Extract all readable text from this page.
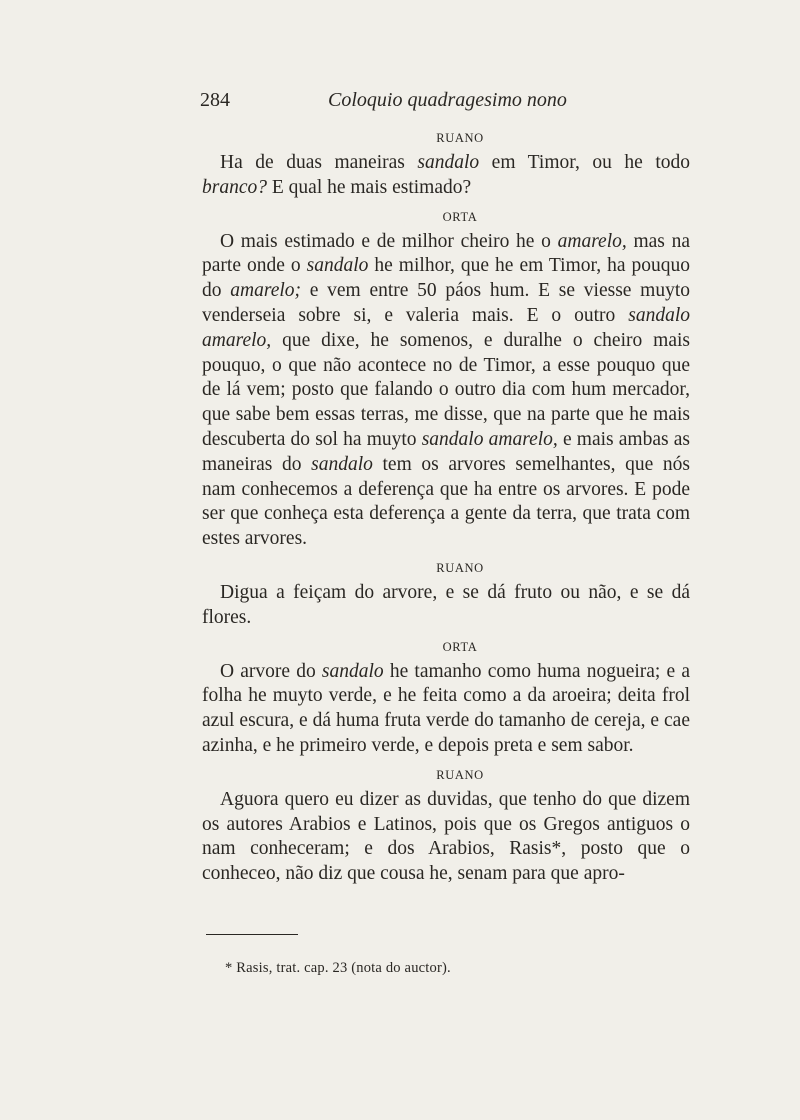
284	Coloquio quadragesimo nono
RUANO

Ha de duas maneiras sandalo em Timor, ou he todo branco? E qual he mais estimado?

ORTA

O mais estimado e de milhor cheiro he o amarelo, mas na parte onde o sandalo he milhor, que he em Timor, ha pouquo do amarelo; e vem entre 50 páos hum. E se viesse muyto venderseia sobre si, e valeria mais. E o outro sandalo amarelo, que dixe, he somenos, e duralhe o cheiro mais pouquo, o que não acontece no de Timor, a esse pouquo que de lá vem; posto que falando o outro dia com hum mercador, que sabe bem essas terras, me disse, que na parte que he mais descuberta do sol ha muyto sandalo amarelo, e mais ambas as maneiras do sandalo tem os arvores semelhantes, que nós nam conhecemos a deferença que ha entre os arvores. E pode ser que conheça esta deferença a gente da terra, que trata com estes arvores.

RUANO

Digua a feiçam do arvore, e se dá fruto ou não, e se dá flores.

ORTA

O arvore do sandalo he tamanho como huma nogueira; e a folha he muyto verde, e he feita como a da aroeira; deita frol azul escura, e dá huma fruta verde do tamanho de cereja, e cae azinha, e he primeiro verde, e depois preta e sem sabor.

RUANO

Aguora quero eu dizer as duvidas, que tenho do que dizem os autores Arabios e Latinos, pois que os Gregos antiguos o nam conheceram; e dos Arabios, Rasis*, posto que o conheceo, não diz que cousa he, senam para que apro-

* Rasis, trat. cap. 23 (nota do auctor).
